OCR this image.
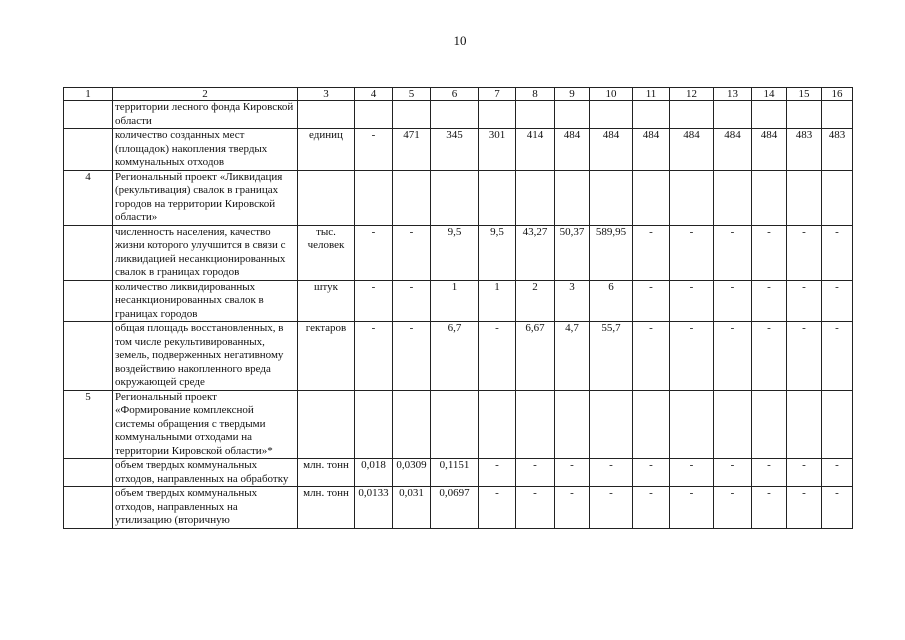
10
1	2	3	4	5	6	7	8	9	10	11	12	13	14	15	16
	территории лесного фонда Кировской области														
	количество созданных мест (площадок) накопления твердых коммунальных отходов	единиц	-	471	345	301	414	484	484	484	484	484	484	483	483
4	Региональный проект «Ликвидация (рекультивация) свалок в границах городов на территории Кировской области»														
	численность населения, качество жизни которого улучшится в связи с ликвидацией несанкционированных свалок в границах городов	тыс. человек	-	-	9,5	9,5	43,27	50,37	589,95	-	-	-	-	-	-
	количество ликвидированных несанкционированных свалок в границах городов	штук	-	-	1	1	2	3	6	-	-	-	-	-	-
	общая площадь восстановленных, в том числе рекультивированных, земель, подверженных негативному воздействию накопленного вреда окружающей среде	гектаров	-	-	6,7	-	6,67	4,7	55,7	-	-	-	-	-	-
5	Региональный проект «Формирование комплексной системы обращения с твердыми коммунальными отходами на территории Кировской области»*														
	объем твердых коммунальных отходов, направленных на обработку	млн. тонн	0,018	0,0309	0,1151	-	-	-	-	-	-	-	-	-	-
	объем твердых коммунальных отходов, направленных на утилизацию (вторичную	млн. тонн	0,0133	0,031	0,0697	-	-	-	-	-	-	-	-	-	-
